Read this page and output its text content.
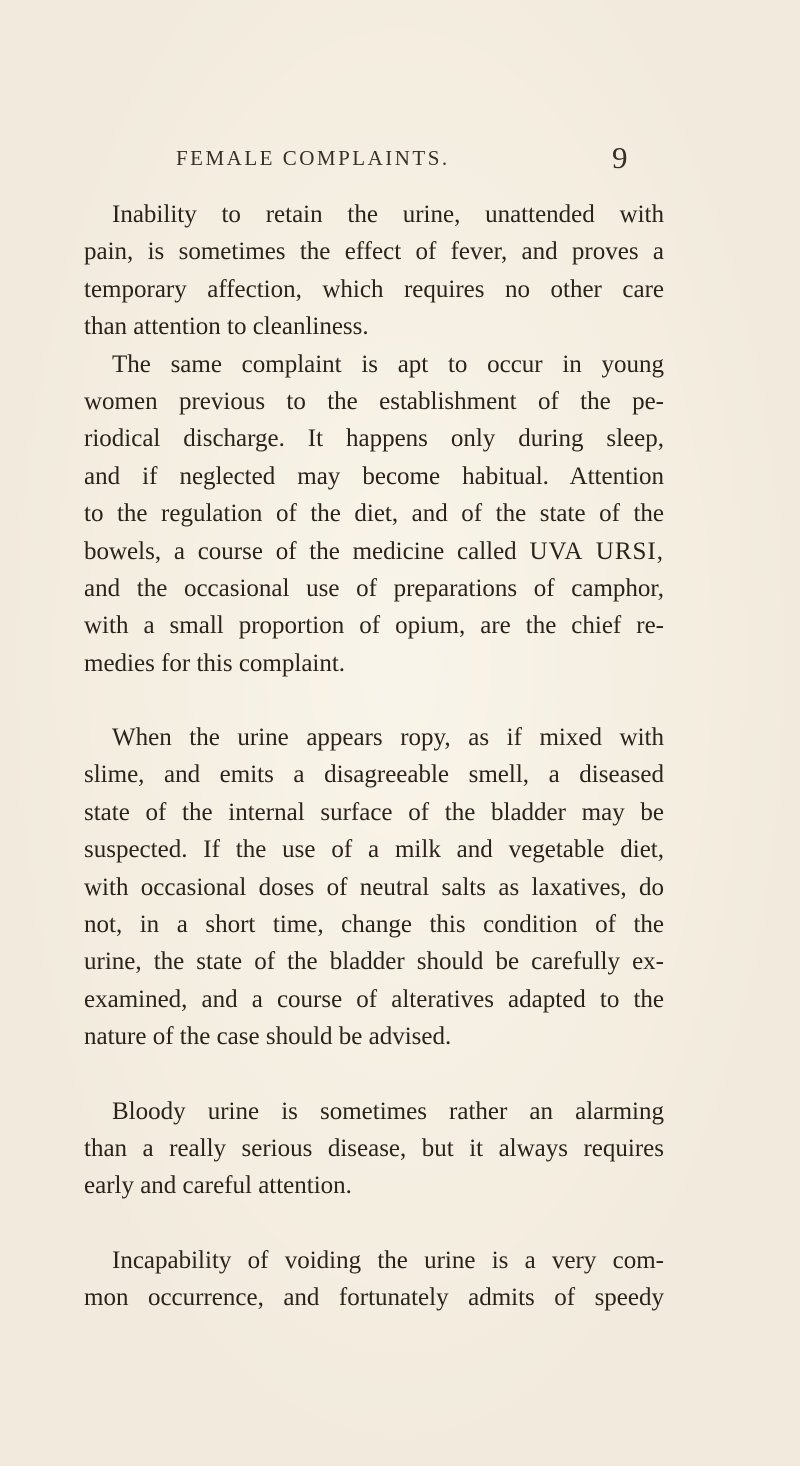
FEMALE COMPLAINTS.	9
Inability to retain the urine, unattended with
pain, is sometimes the effect of fever, and proves a
temporary affection, which requires no other care
than attention to cleanliness.
The same complaint is apt to occur in young
women previous to the establishment of the pe-
riodical discharge. It happens only during sleep,
and if neglected may become habitual. Attention
to the regulation of the diet, and of the state of the
bowels, a course of the medicine called UVA URSI,
and the occasional use of preparations of camphor,
with a small proportion of opium, are the chief re-
medies for this complaint.
When the urine appears ropy, as if mixed with
slime, and emits a disagreeable smell, a diseased
state of the internal surface of the bladder may be
suspected. If the use of a milk and vegetable diet,
with occasional doses of neutral salts as laxatives, do
not, in a short time, change this condition of the
urine, the state of the bladder should be carefully ex-
examined, and a course of alteratives adapted to the
nature of the case should be advised.
Bloody urine is sometimes rather an alarming
than a really serious disease, but it always requires
early and careful attention.
Incapability of voiding the urine is a very com-
mon occurrence, and fortunately admits of speedy
